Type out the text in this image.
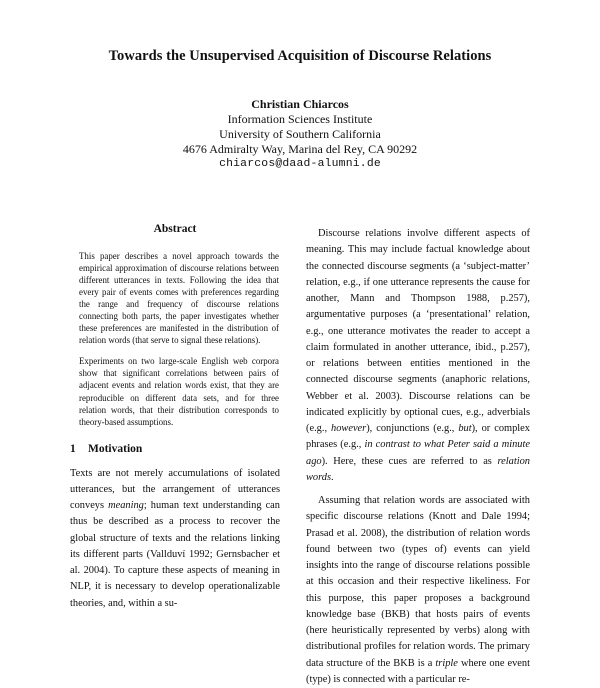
Towards the Unsupervised Acquisition of Discourse Relations
Christian Chiarcos
Information Sciences Institute
University of Southern California
4676 Admiralty Way, Marina del Rey, CA 90292
chiarcos@daad-alumni.de
Abstract

This paper describes a novel approach towards the empirical approximation of discourse relations between different utterances in texts. Following the idea that every pair of events comes with preferences regarding the range and frequency of discourse relations connecting both parts, the paper investigates whether these preferences are manifested in the distribution of relation words (that serve to signal these relations).

Experiments on two large-scale English web corpora show that significant correlations between pairs of adjacent events and relation words exist, that they are reproducible on different data sets, and for three relation words, that their distribution corresponds to theory-based assumptions.

1 Motivation

Texts are not merely accumulations of isolated utterances, but the arrangement of utterances conveys meaning; human text understanding can thus be described as a process to recover the global structure of texts and the relations linking its different parts (Vallduví 1992; Gernsbacher et al. 2004). To capture these aspects of meaning in NLP, it is necessary to develop operationalizable theories, and, within a su-

Discourse relations involve different aspects of meaning. This may include factual knowledge about the connected discourse segments (a ‘subject-matter’ relation, e.g., if one utterance represents the cause for another, Mann and Thompson 1988, p.257), argumentative purposes (a ‘presentational’ relation, e.g., one utterance motivates the reader to accept a claim formulated in another utterance, ibid., p.257), or relations between entities mentioned in the connected discourse segments (anaphoric relations, Webber et al. 2003). Discourse relations can be indicated explicitly by optional cues, e.g., adverbials (e.g., however), conjunctions (e.g., but), or complex phrases (e.g., in contrast to what Peter said a minute ago). Here, these cues are referred to as relation words.

Assuming that relation words are associated with specific discourse relations (Knott and Dale 1994; Prasad et al. 2008), the distribution of relation words found between two (types of) events can yield insights into the range of discourse relations possible at this occasion and their respective likeliness. For this purpose, this paper proposes a background knowledge base (BKB) that hosts pairs of events (here heuristically represented by verbs) along with distributional profiles for relation words. The primary data structure of the BKB is a triple where one event (type) is connected with a particular re-
